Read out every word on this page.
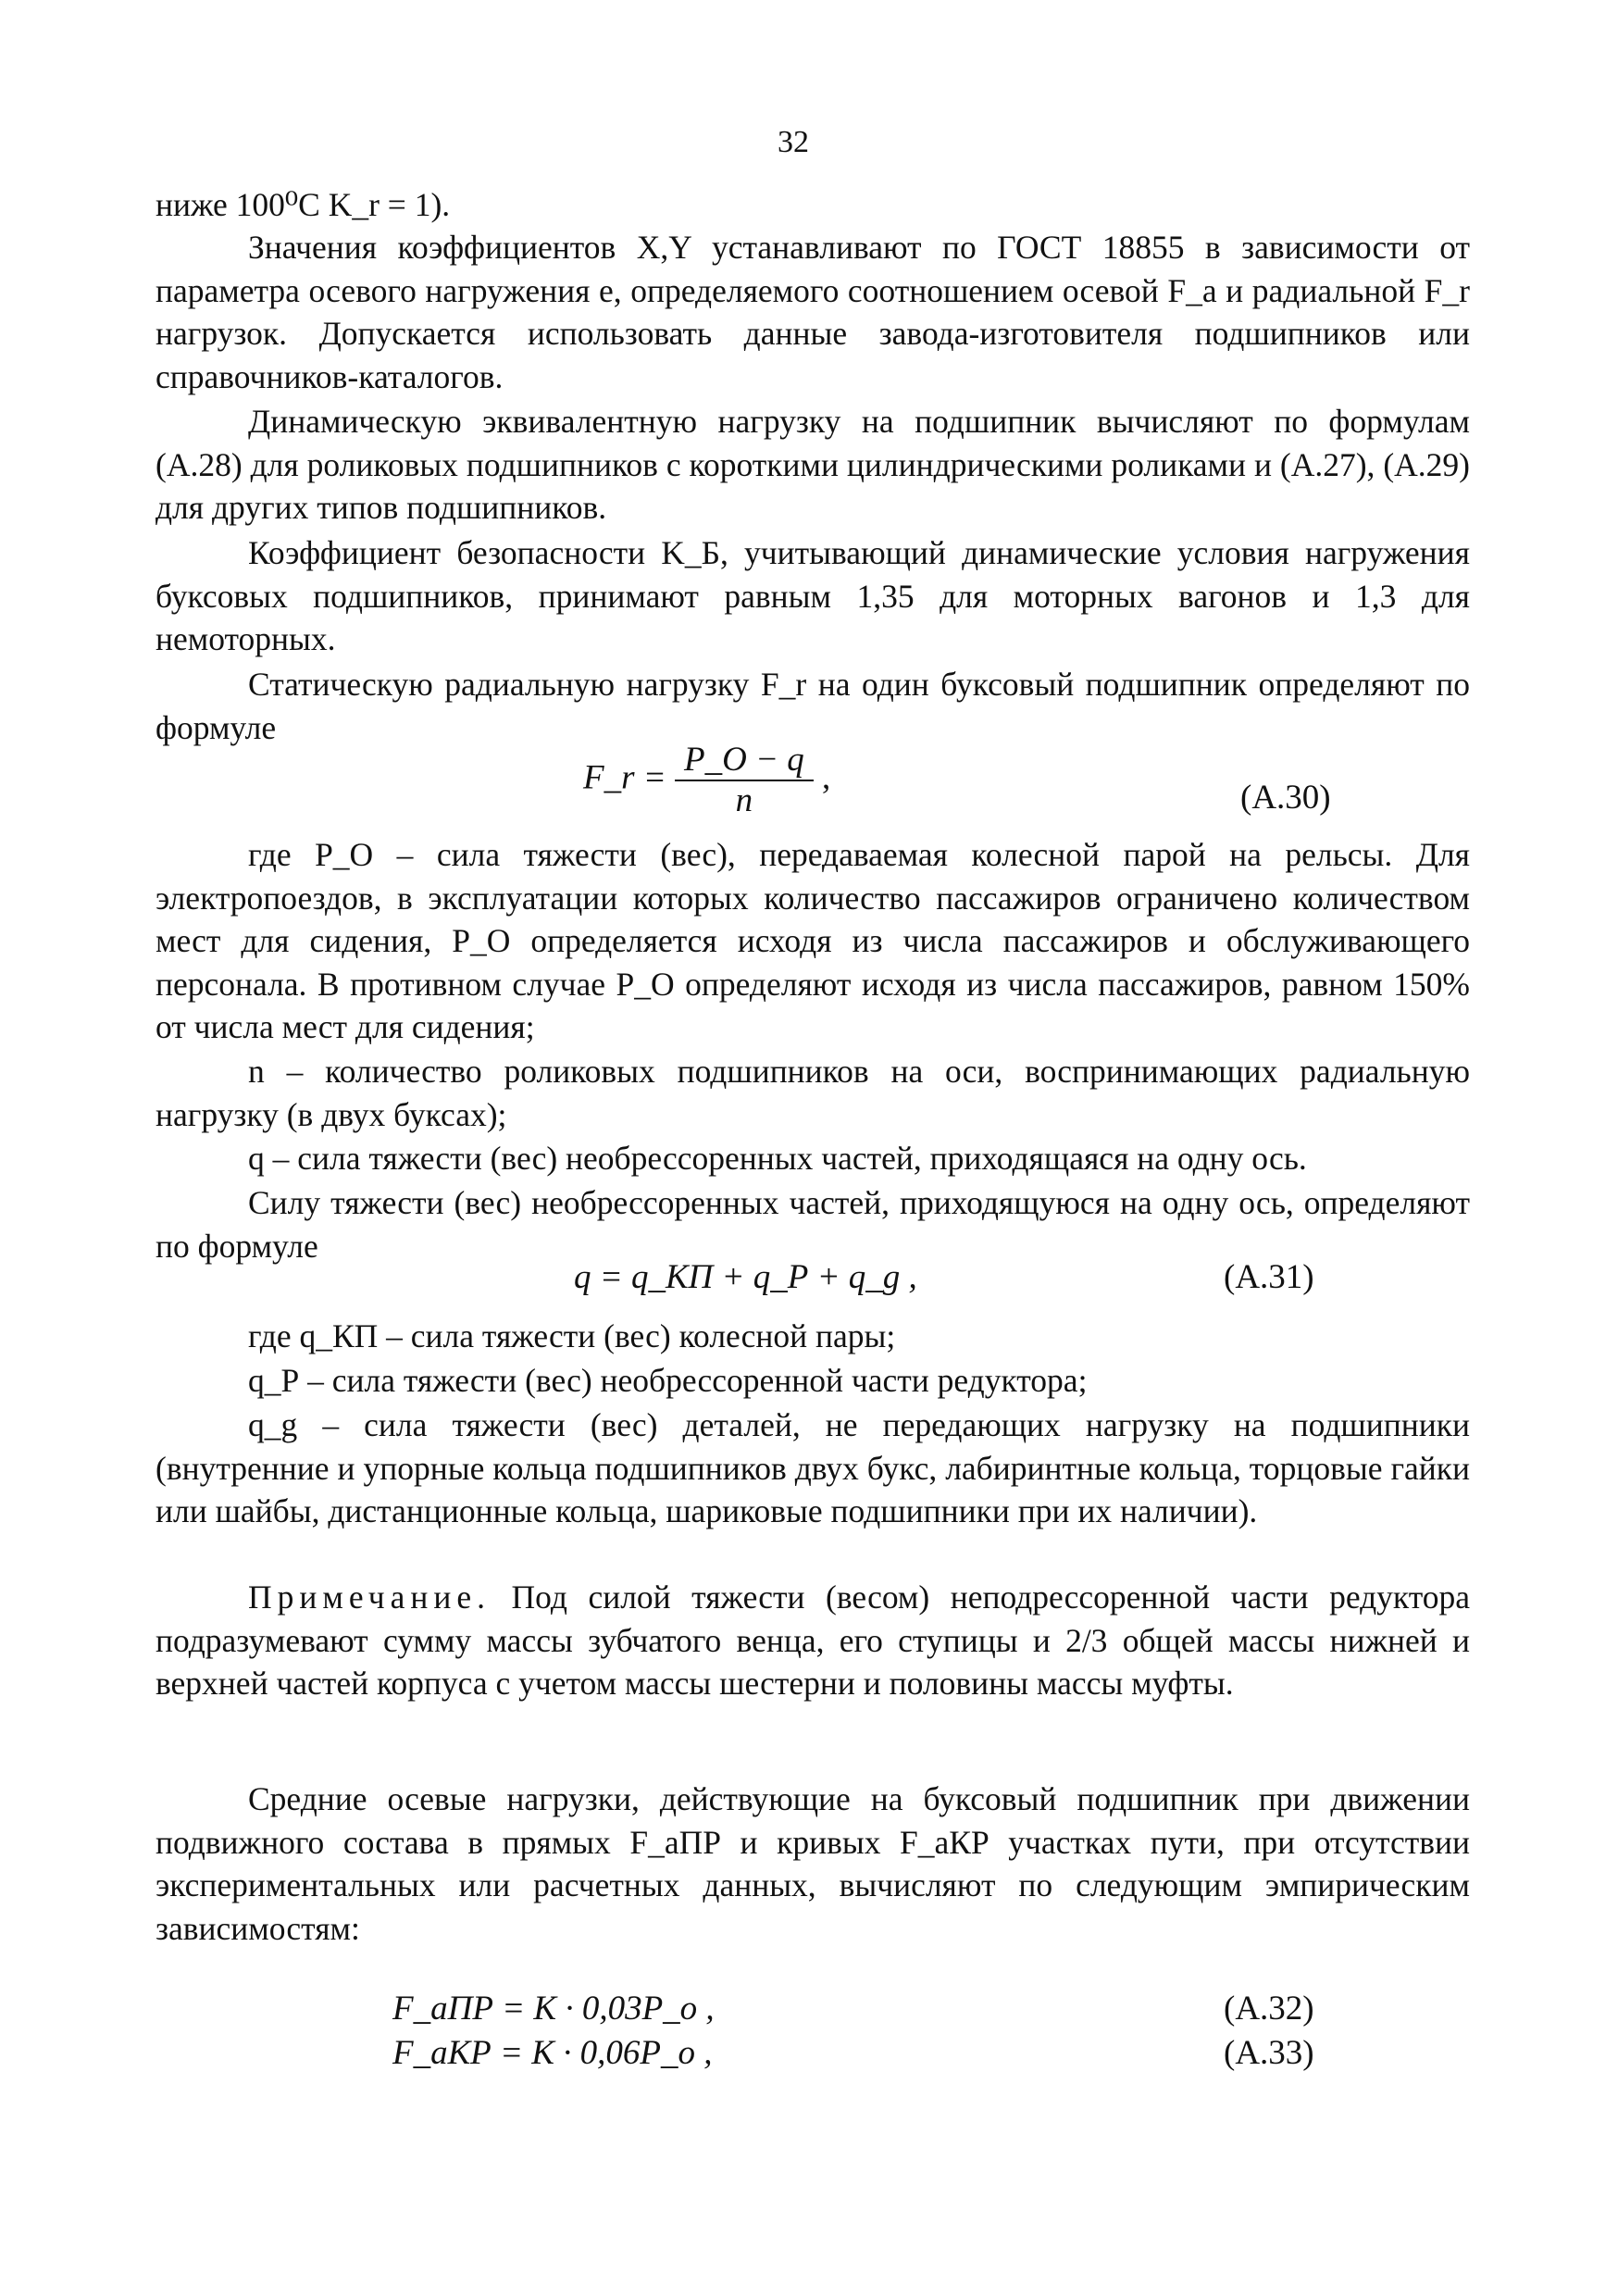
32

ниже 100⁰С K_r = 1).

Значения коэффициентов X,Y устанавливают по ГОСТ 18855 в зависимости от параметра осевого нагружения e, определяемого соотношением осевой F_a и радиальной F_r нагрузок. Допускается использовать данные завода-изготовителя подшипников или справочников-каталогов.

Динамическую эквивалентную нагрузку на подшипник вычисляют по формулам (А.28) для роликовых подшипников с короткими цилиндрическими роликами и (А.27), (А.29) для других типов подшипников.

Коэффициент безопасности K_Б, учитывающий динамические условия нагружения буксовых подшипников, принимают равным 1,35 для моторных вагонов и 1,3 для немоторных.

Статическую радиальную нагрузку F_r на один буксовый подшипник определяют по формуле

F_r = $\frac{P\_O - q}{n}$ ,
(А.30)

где P_O – сила тяжести (вес), передаваемая колесной парой на рельсы. Для электропоездов, в эксплуатации которых количество пассажиров ограничено количеством мест для сидения, P_O определяется исходя из числа пассажиров и обслуживающего персонала. В противном случае P_O определяют исходя из числа пассажиров, равном 150% от числа мест для сидения;

n – количество роликовых подшипников на оси, воспринимающих радиальную нагрузку (в двух буксах);

q – сила тяжести (вес) необрессоренных частей, приходящаяся на одну ось.

Силу тяжести (вес) необрессоренных частей, приходящуюся на одну ось, определяют по формуле

q = q_КП + q_Р + q_g ,	(А.31)

где q_КП – сила тяжести (вес) колесной пары;

q_Р – сила тяжести (вес) необрессоренной части редуктора;

q_g – сила тяжести (вес) деталей, не передающих нагрузку на подшипники (внутренние и упорные кольца подшипников двух букс, лабиринтные кольца, торцовые гайки или шайбы, дистанционные кольца, шариковые подшипники при их наличии).

Примечание. Под силой тяжести (весом) неподрессоренной части редуктора подразумевают сумму массы зубчатого венца, его ступицы и 2/3 общей массы нижней и верхней частей корпуса с учетом массы шестерни и половины массы муфты.

Средние осевые нагрузки, действующие на буксовый подшипник при движении подвижного состава в прямых F_aПР и кривых F_aКР участках пути, при отсутствии экспериментальных или расчетных данных, вычисляют по следующим эмпирическим зависимостям:

F_aПР = K · 0,03P_o ,	(А.32)
F_aКР = K · 0,06P_o ,	(А.33)
